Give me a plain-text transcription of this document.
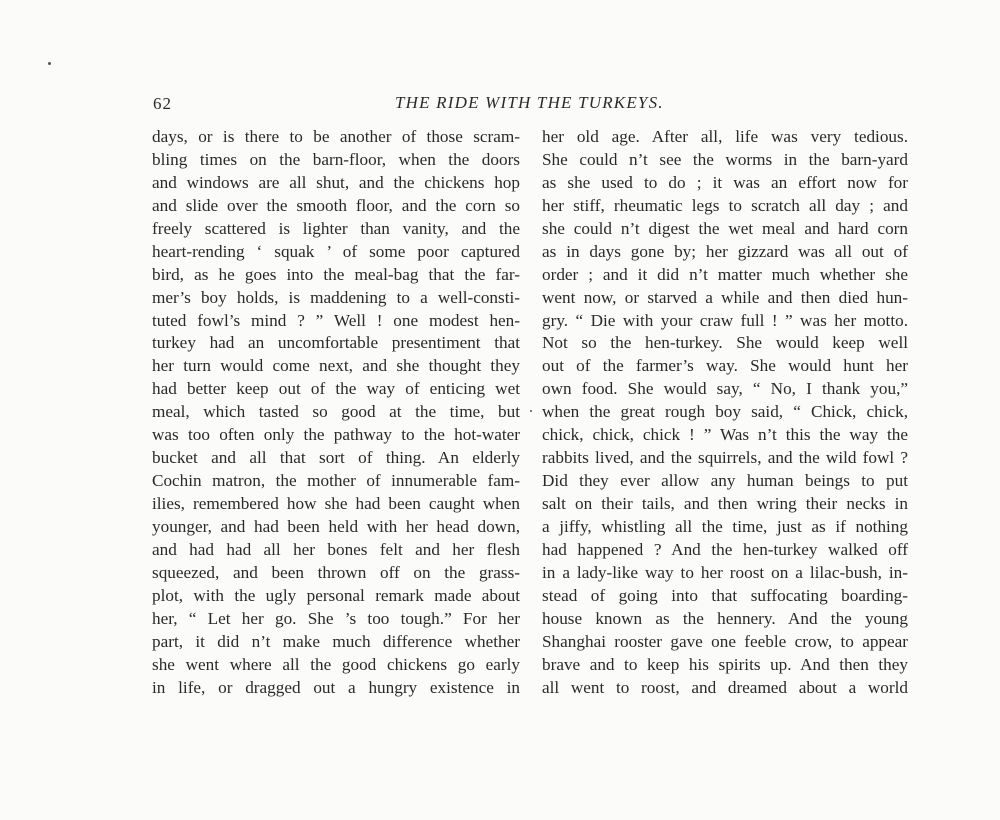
62	THE RIDE WITH THE TURKEYS.
days, or is there to be another of those scram-
bling times on the barn-floor, when the doors
and windows are all shut, and the chickens hop
and slide over the smooth floor, and the corn so
freely scattered is lighter than vanity, and the
heart-rending ‘ squak ’ of some poor captured
bird, as he goes into the meal-bag that the far-
mer’s boy holds, is maddening to a well-consti-
tuted fowl’s mind ? ” Well ! one modest hen-
turkey had an uncomfortable presentiment that
her turn would come next, and she thought they
had better keep out of the way of enticing wet
meal, which tasted so good at the time, but
was too often only the pathway to the hot-water
bucket and all that sort of thing. An elderly
Cochin matron, the mother of innumerable fam-
ilies, remembered how she had been caught when
younger, and had been held with her head down,
and had had all her bones felt and her flesh
squeezed, and been thrown off on the grass-
plot, with the ugly personal remark made about
her, “ Let her go. She ’s too tough.” For her
part, it did n’t make much difference whether
she went where all the good chickens go early
in life, or dragged out a hungry existence in
her old age. After all, life was very tedious.
She could n’t see the worms in the barn-yard
as she used to do ; it was an effort now for
her stiff, rheumatic legs to scratch all day ; and
she could n’t digest the wet meal and hard corn
as in days gone by; her gizzard was all out of
order ; and it did n’t matter much whether she
went now, or starved a while and then died hun-
gry. “ Die with your craw full ! ” was her motto.
Not so the hen-turkey. She would keep well
out of the farmer’s way. She would hunt her
own food. She would say, “ No, I thank you,”
when the great rough boy said, “ Chick, chick,
chick, chick, chick ! ” Was n’t this the way the
rabbits lived, and the squirrels, and the wild fowl ?
Did they ever allow any human beings to put
salt on their tails, and then wring their necks in
a jiffy, whistling all the time, just as if nothing
had happened ? And the hen-turkey walked off
in a lady-like way to her roost on a lilac-bush, in-
stead of going into that suffocating boarding-
house known as the hennery. And the young
Shanghai rooster gave one feeble crow, to appear
brave and to keep his spirits up. And then they
all went to roost, and dreamed about a world
